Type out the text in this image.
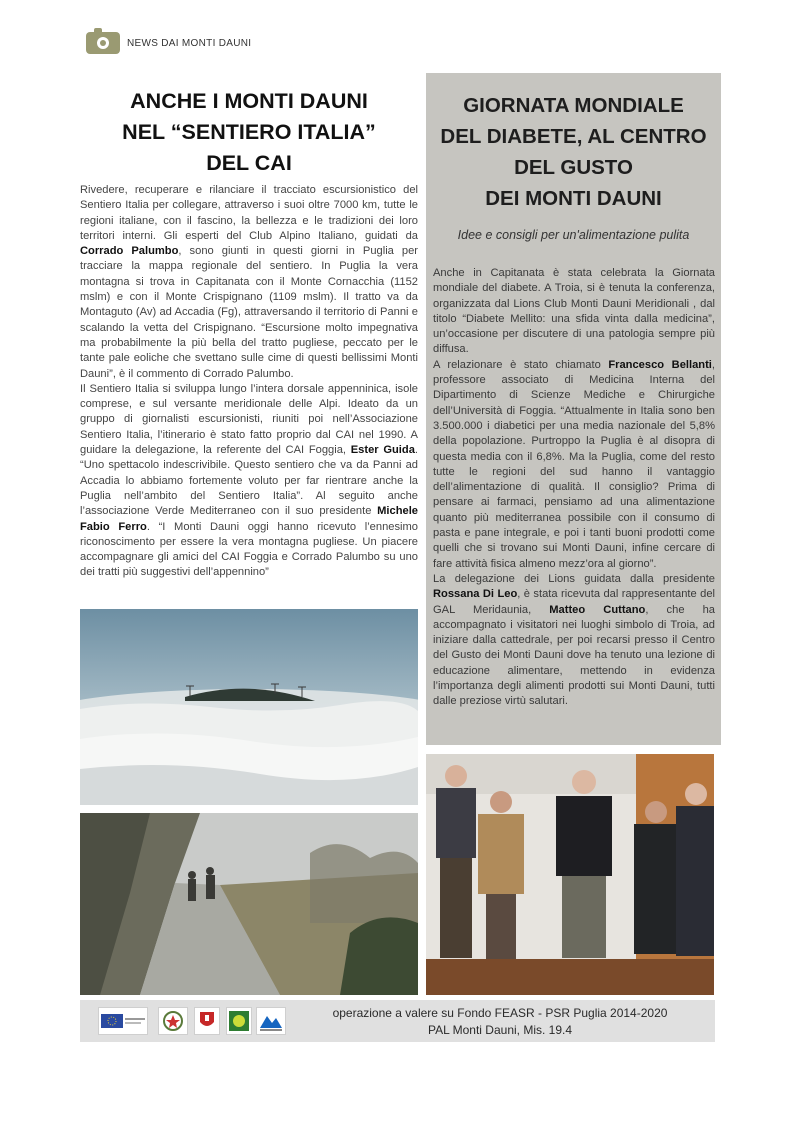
NEWS DAI MONTI DAUNI
ANCHE I MONTI DAUNI
NEL “SENTIERO ITALIA”
DEL CAI

Rivedere, recuperare e rilanciare il tracciato escursionistico del Sentiero Italia per collegare, attraverso i suoi oltre 7000 km, tutte le regioni italiane, con il fascino, la bellezza e le tradizioni dei loro territori interni. Gli esperti del Club Alpino Italiano, guidati da Corrado Palumbo, sono giunti in questi giorni in Puglia per tracciare la mappa regionale del sentiero. In Puglia la vera montagna si trova in Capitanata con il Monte Cornacchia (1152 mslm) e con il Monte Crispignano (1109 mslm). Il tratto va da Montaguto (Av) ad Accadia (Fg), attraversando il territorio di Panni e scalando la vetta del Crispignano. “Escursione molto impegnativa ma probabilmente la più bella del tratto pugliese, peccato per le tante pale eoliche che svettano sulle cime di questi bellissimi Monti Dauni”, è il commento di Corrado Palumbo.

Il Sentiero Italia si sviluppa lungo l’intera dorsale appenninica, isole comprese, e sul versante meridionale delle Alpi. Ideato da un gruppo di giornalisti escursionisti, riuniti poi nell’Associazione Sentiero Italia, l’itinerario è stato fatto proprio dal CAI nel 1990. A guidare la delegazione, la referente del CAI Foggia, Ester Guida. “Uno spettacolo indescrivibile. Questo sentiero che va da Panni ad Accadia lo abbiamo fortemente voluto per far rientrare anche la Puglia nell’ambito del Sentiero Italia”. Al seguito anche l’associazione Verde Mediterraneo con il suo presidente Michele Fabio Ferro. “I Monti Dauni oggi hanno ricevuto l’ennesimo riconoscimento per essere la vera montagna pugliese. Un piacere accompagnare gli amici del CAI Foggia e Corrado Palumbo su uno dei tratti più suggestivi dell’appennino”

GIORNATA MONDIALE
DEL DIABETE, AL CENTRO
DEL GUSTO
DEI MONTI DAUNI
Idee e consigli per un'alimentazione pulita

Anche in Capitanata è stata celebrata la Giornata mondiale del diabete. A Troia, si è tenuta la conferenza, organizzata dal Lions Club Monti Dauni Meridionali , dal titolo “Diabete Mellito: una sfida vinta dalla medicina”, un’occasione per discutere di una patologia sempre più diffusa.

A relazionare è stato chiamato Francesco Bellanti, professore associato di Medicina Interna del Dipartimento di Scienze Mediche e Chirurgiche dell’Università di Foggia. “Attualmente in Italia sono ben 3.500.000 i diabetici per una media nazionale del 5,8% della popolazione. Purtroppo la Puglia è al disopra di questa media con il 6,8%. Ma la Puglia, come del resto tutte le regioni del sud hanno il vantaggio dell’alimentazione di qualità. Il consiglio? Prima di pensare ai farmaci, pensiamo ad una alimentazione quanto più mediterranea possibile con il consumo di pasta e pane integrale, e poi i tanti buoni prodotti come quelli che si trovano sui Monti Dauni, infine cercare di fare attività fisica almeno mezz’ora al giorno”.

La delegazione dei Lions guidata dalla presidente Rossana Di Leo, è stata ricevuta dal rappresentante del GAL Meridaunia, Matteo Cuttano, che ha accompagnato i visitatori nei luoghi simbolo di Troia, ad iniziare dalla cattedrale, per poi recarsi presso il Centro del Gusto dei Monti Dauni dove ha tenuto una lezione di educazione alimentare, mettendo in evidenza l’importanza degli alimenti prodotti sui Monti Dauni, tutti dalle preziose virtù salutari.

operazione a valere su Fondo FEASR - PSR Puglia 2014-2020
PAL Monti Dauni, Mis. 19.4
